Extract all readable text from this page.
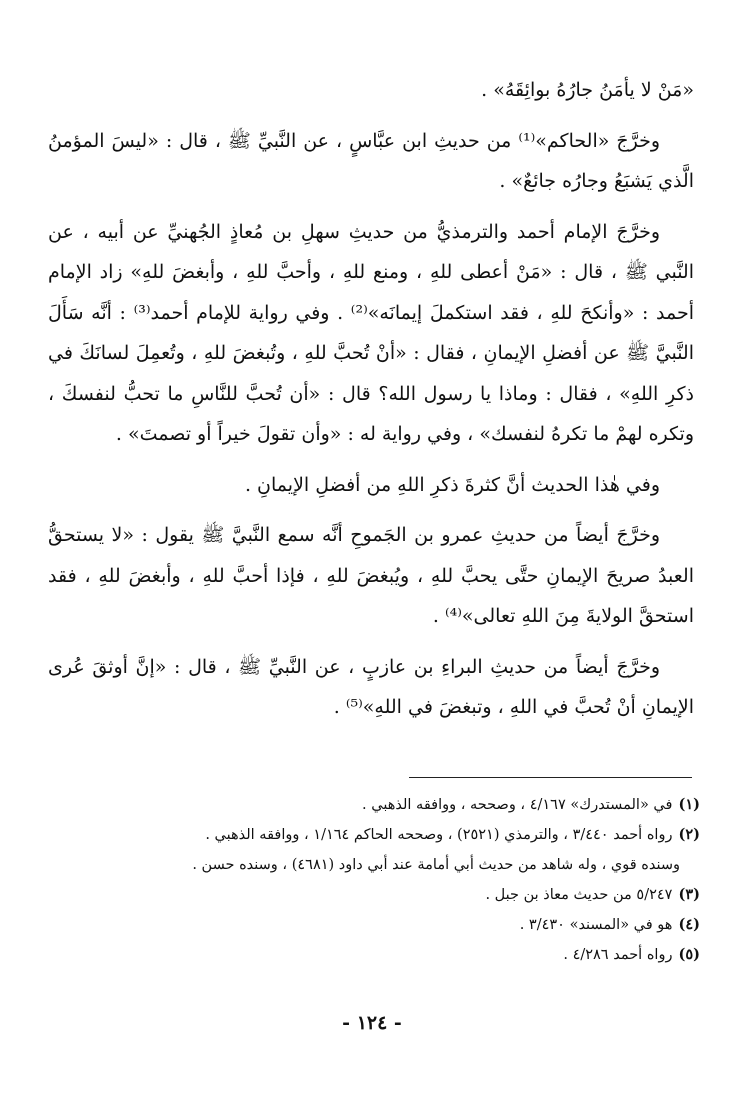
«مَنْ لا يأمَنُ جارُهُ بوائِقَهُ» .

وخرَّجَ «الحاكم»⁽¹⁾ من حديثِ ابن عبَّاسٍ ، عن النَّبيِّ ﷺ ، قال : «ليسَ المؤمنُ الَّذي يَشبَعُ وجارُه جائعٌ» .

وخرَّجَ الإمام أحمد والترمذيُّ من حديثِ سهلِ بن مُعاذٍ الجُهنيِّ عن أبيه ، عن النَّبي ﷺ ، قال : «مَنْ أعطى للهِ ، ومنع للهِ ، وأحبَّ للهِ ، وأبغضَ للهِ» زاد الإمام أحمد : «وأنكحَ للهِ ، فقد استكملَ إيمانَه»⁽²⁾ . وفي رواية للإمام أحمد⁽³⁾ : أنَّه سَأَلَ النَّبيَّ ﷺ عن أفضلِ الإيمانِ ، فقال : «أنْ تُحبَّ للهِ ، وتُبغضَ للهِ ، وتُعمِلَ لسانَكَ في ذكرِ اللهِ» ، فقال : وماذا يا رسول الله؟ قال : «أن تُحبَّ للنَّاسِ ما تحبُّ لنفسكَ ، وتكره لهمْ ما تكرهُ لنفسك» ، وفي رواية له : «وأن تقولَ خيراً أو تصمتَ» .

وفي هٰذا الحديث أنَّ كثرةَ ذكرِ اللهِ من أفضلِ الإيمانِ .

وخرَّجَ أيضاً من حديثِ عمرو بن الجَموحِ أنَّه سمع النَّبيَّ ﷺ يقول : «لا يستحقُّ العبدُ صريحَ الإيمانِ حتَّى يحبَّ للهِ ، ويُبغضَ للهِ ، فإذا أحبَّ للهِ ، وأبغضَ للهِ ، فقد استحقَّ الولايةَ مِنَ اللهِ تعالى»⁽⁴⁾ .

وخرَّجَ أيضاً من حديثِ البراءِ بن عازبٍ ، عن النَّبيِّ ﷺ ، قال : «إنَّ أوثقَ عُرى الإيمانِ أنْ تُحبَّ في اللهِ ، وتبغضَ في اللهِ»⁽⁵⁾ .

(١)في «المستدرك» ٤/١٦٧ ، وصححه ، ووافقه الذهبي .

(٢)رواه أحمد ٣/٤٤٠ ، والترمذي (٢٥٢١) ، وصححه الحاكم ١/١٦٤ ، ووافقه الذهبي .

وسنده قوي ، وله شاهد من حديث أبي أمامة عند أبي داود (٤٦٨١) ، وسنده حسن .

(٣)٥/٢٤٧ من حديث معاذ بن جبل .

(٤)هو في «المسند» ٣/٤٣٠ .

(٥)رواه أحمد ٤/٢٨٦ .

- ١٢٤ -
